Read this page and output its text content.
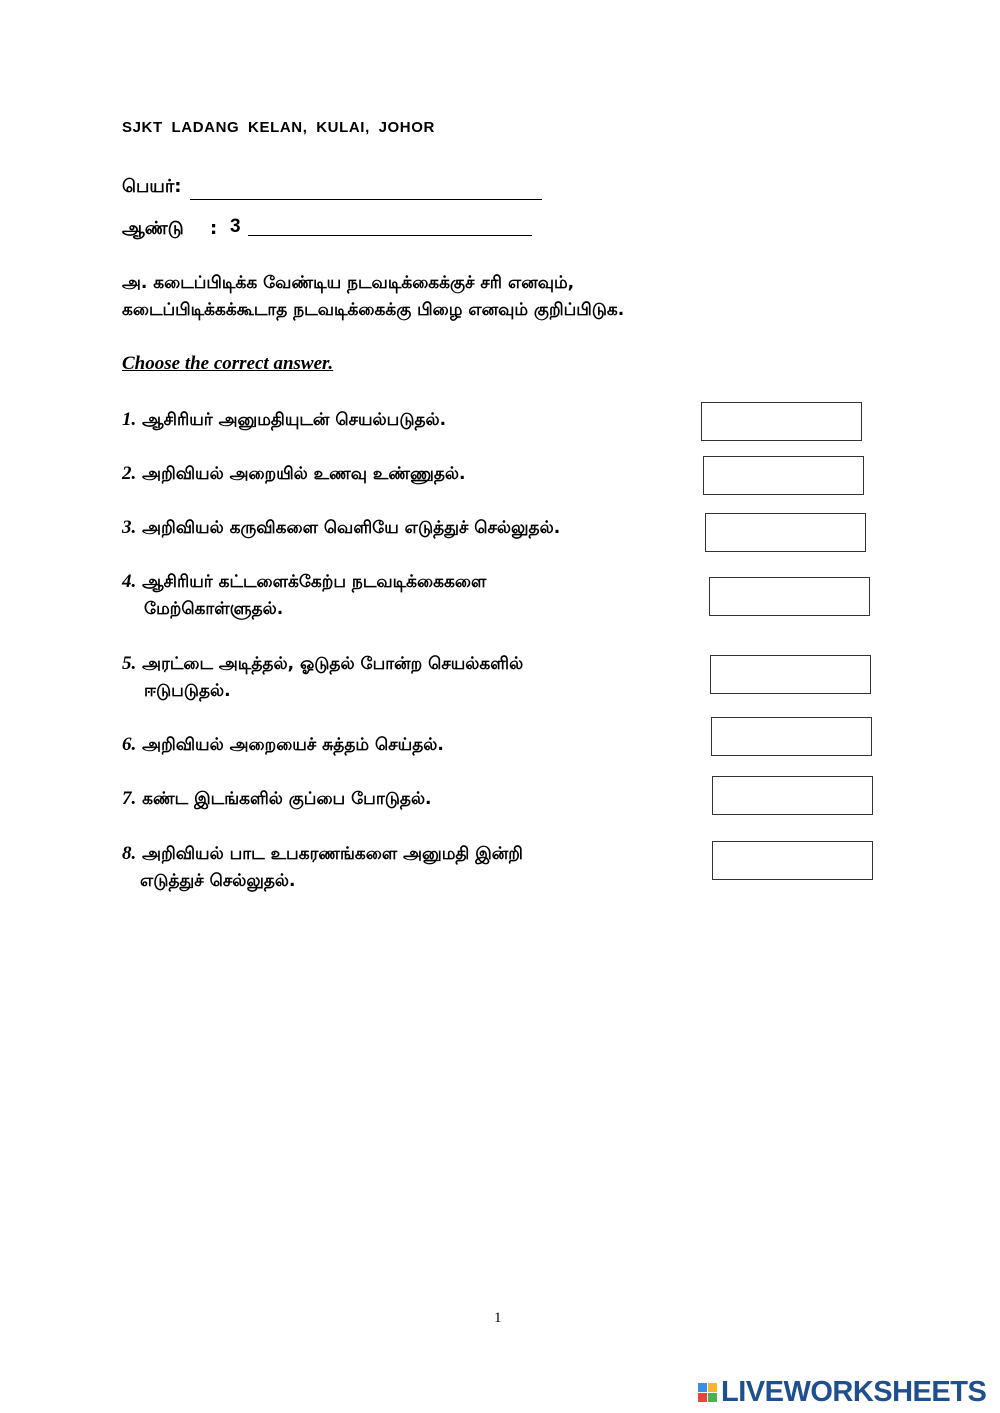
SJKT LADANG KELAN, KULAI, JOHOR
பெயர்:
ஆண்டு : 3
அ. கடைப்பிடிக்க வேண்டிய நடவடிக்கைக்குச் சரி எனவும்,
கடைப்பிடிக்கக்கூடாத நடவடிக்கைக்கு பிழை எனவும் குறிப்பிடுக.
Choose the correct answer.
1. ஆசிரியர் அனுமதியுடன் செயல்படுதல்.
2. அறிவியல் அறையில் உணவு உண்ணுதல்.
3. அறிவியல் கருவிகளை வெளியே எடுத்துச் செல்லுதல்.
4. ஆசிரியர் கட்டளைக்கேற்ப நடவடிக்கைகளை
மேற்கொள்ளுதல்.
5. அரட்டை அடித்தல், ஓடுதல் போன்ற செயல்களில்
ஈடுபடுதல்.
6. அறிவியல் அறையைச் சுத்தம் செய்தல்.
7. கண்ட இடங்களில் குப்பை போடுதல்.
8. அறிவியல் பாட உபகரணங்களை அனுமதி இன்றி
எடுத்துச் செல்லுதல்.
1
LIVEWORKSHEETS
